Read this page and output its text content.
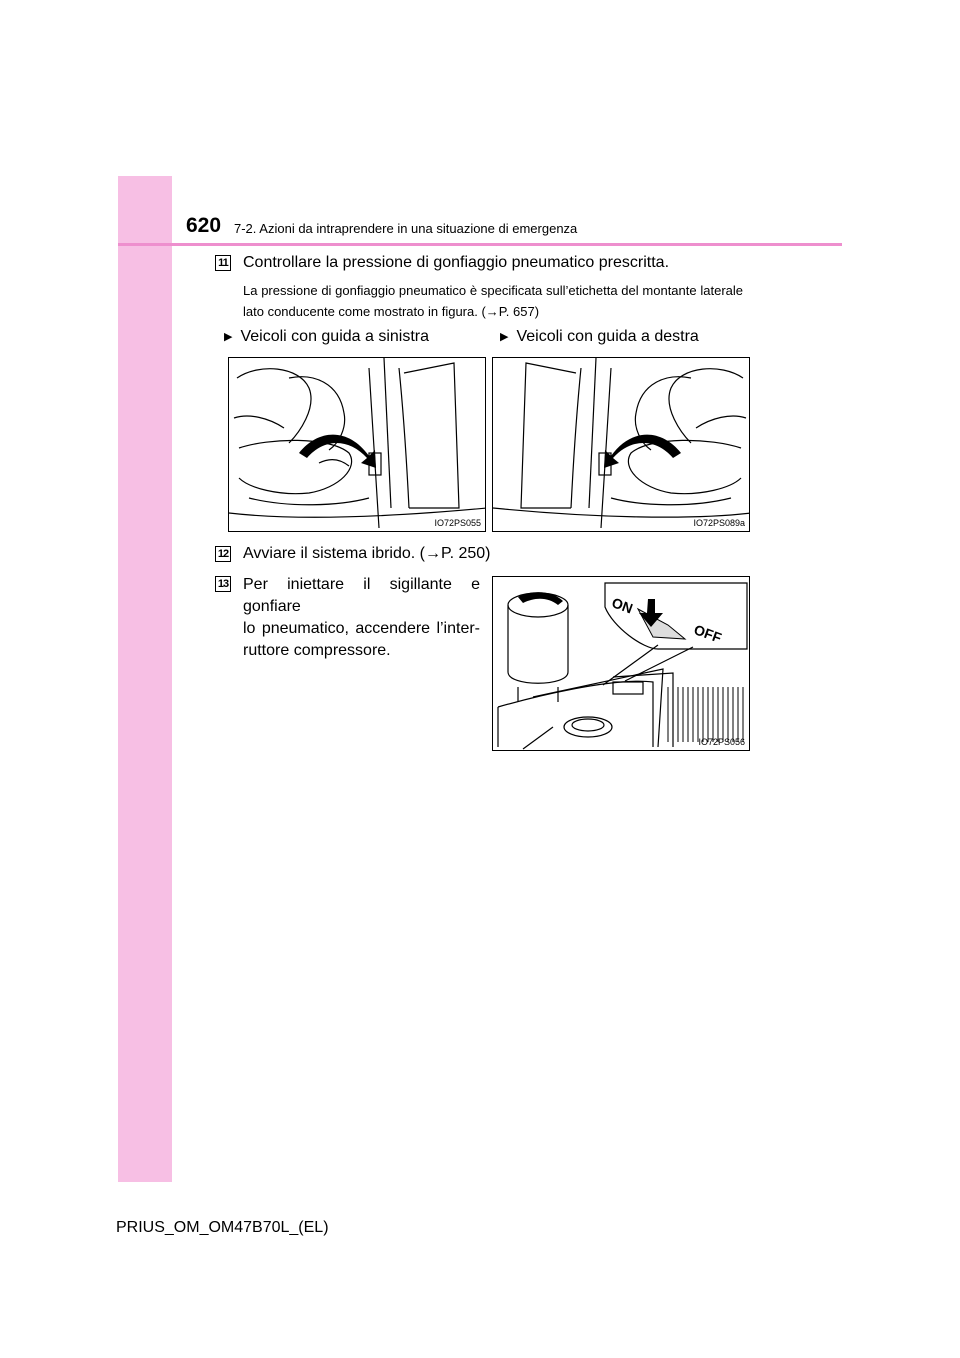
620 7-2. Azioni da intraprendere in una situazione di emergenza
11 Controllare la pressione di gonfiaggio pneumatico prescritta.
La pressione di gonfiaggio pneumatico è specificata sull’etichetta del montante laterale lato conducente come mostrato in figura. (→P. 657)
▶ Veicoli con guida a sinistra	▶ Veicoli con guida a destra
IO72PS055	IO72PS089a
12 Avviare il sistema ibrido. (→P. 250)
13 Per iniettare il sigillante e gonfiare
lo pneumatico, accendere l’inter-
ruttore compressore.
ON
OFF
IO72PS056
PRIUS_OM_OM47B70L_(EL)
